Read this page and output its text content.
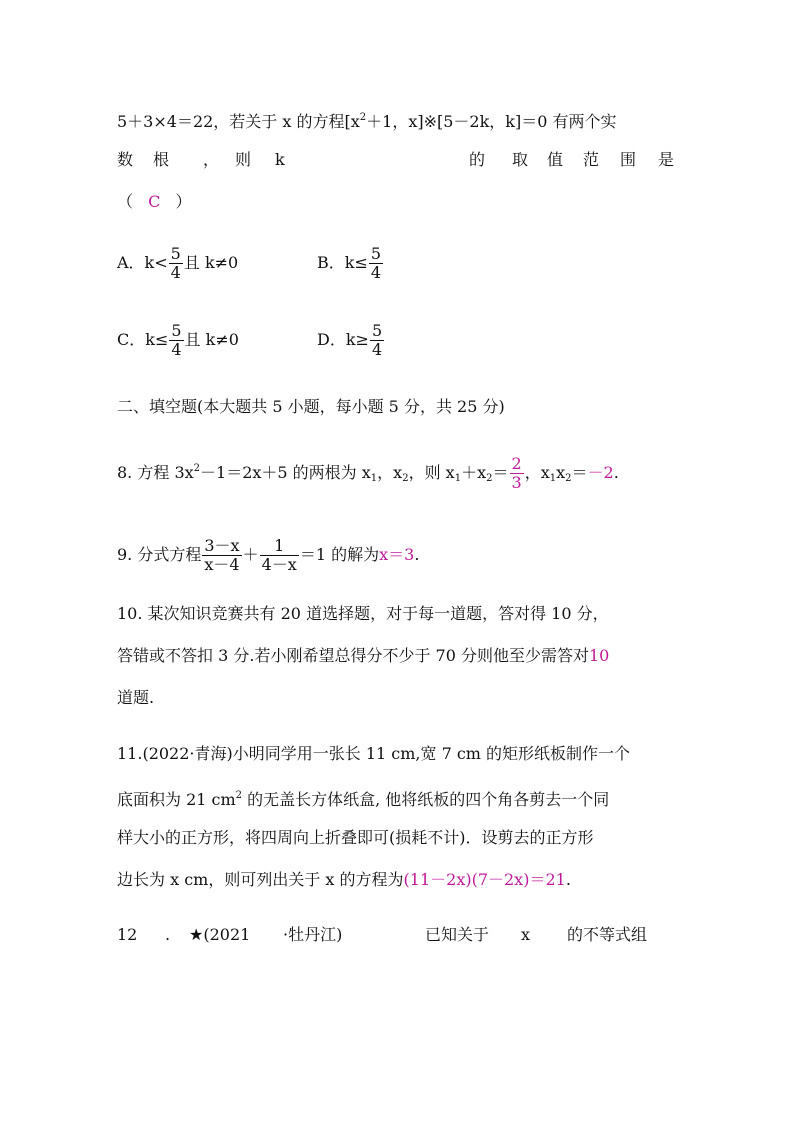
5＋3×4＝22，若关于 x 的方程[$x^2+1$，x]※[5－2k，k]＝0 有两个实
数 根 ， 则 k	的 取 值 范 围 是
（ C ）
A．$k< \frac{5}{4}$ 且 k≠0	B．$k\le \frac{5}{4}$
C．$k\le \frac{5}{4}$ 且 k≠0	D．$k\ge \frac{5}{4}$
二、填空题(本大题共 5 小题，每小题 5 分，共 25 分)
8. 方程 $3x^2-1=2x+5$ 的两根为 $x_1$，$x_2$，则 $x_1+x_2= \frac{2}{3}$ ，$x_1x_2=-2$.
9. 分式方程 $\frac{3-x}{x-4} + \frac{1}{4-x} =1$ 的解为x＝3.
10. 某次知识竞赛共有 20 道选择题，对于每一道题，答对得 10 分，
答错或不答扣 3 分.若小刚希望总得分不少于 70 分则他至少需答对10
道题.
11.(2022·青海)小明同学用一张长 11 cm,宽 7 cm 的矩形纸板制作一个
底面积为 21 $cm^2$ 的无盖长方体纸盒, 他将纸板的四个角各剪去一个同
样大小的正方形，将四周向上折叠即可(损耗不计)．设剪去的正方形
边长为 x cm，则可列出关于 x 的方程为(11－2x)(7－2x)＝21.
12 . ★(2021 ·牡丹江)	已知关于 x 的不等式组
